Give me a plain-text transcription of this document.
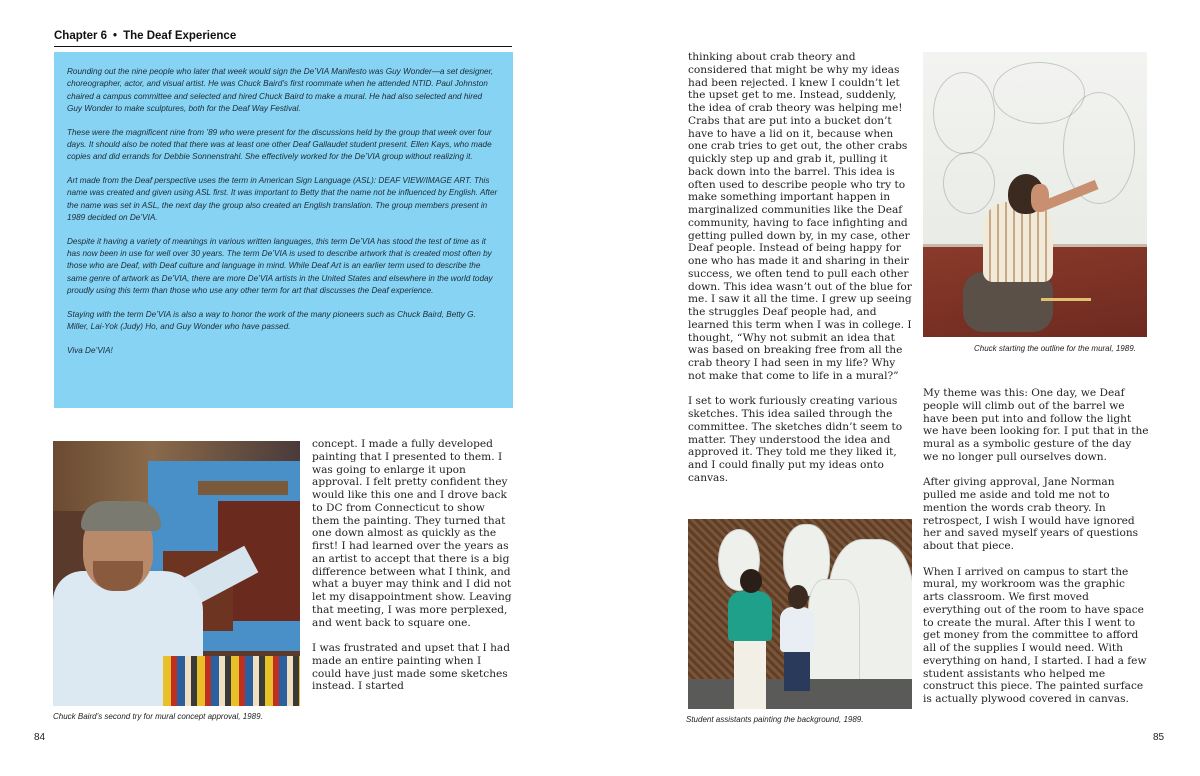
Chapter 6 • The Deaf Experience

Rounding out the nine people who later that week would sign the De’VIA Manifesto was Guy Wonder—a set designer, choreographer, actor, and visual artist. He was Chuck Baird’s first roommate when he attended NTID. Paul Johnston chaired a campus committee and selected and hired Chuck Baird to make a mural. He had also selected and hired Guy Wonder to make sculptures, both for the Deaf Way Festival.

These were the magnificent nine from ’89 who were present for the discussions held by the group that week over four days. It should also be noted that there was at least one other Deaf Gallaudet student present. Ellen Kays, who made copies and did errands for Debbie Sonnenstrahl. She effectively worked for the De’VIA group without realizing it.

Art made from the Deaf perspective uses the term in American Sign Language (ASL): DEAF VIEW/IMAGE ART. This name was created and given using ASL first. It was important to Betty that the name not be influenced by English. After the name was set in ASL, the next day the group also created an English translation. The group members present in 1989 decided on De’VIA.

Despite it having a variety of meanings in various written languages, this term De’VIA has stood the test of time as it has now been in use for well over 30 years. The term De’VIA is used to describe artwork that is created most often by those who are Deaf, with Deaf culture and language in mind. While Deaf Art is an earlier term used to describe the same genre of artwork as De’VIA, there are more De’VIA artists in the United States and elsewhere in the world today proudly using this term than those who use any other term for art that discusses the Deaf experience.

Staying with the term De’VIA is also a way to honor the work of the many pioneers such as Chuck Baird, Betty G. Miller, Lai-Yok (Judy) Ho, and Guy Wonder who have passed.

Viva De’VIA!

Chuck Baird’s second try for mural concept approval, 1989.

concept. I made a fully developed painting that I presented to them. I was going to enlarge it upon approval. I felt pretty confident they would like this one and I drove back to DC from Connecticut to show them the painting. They turned that one down almost as quickly as the first! I had learned over the years as an artist to accept that there is a big difference between what I think, and what a buyer may think and I did not let my disappointment show. Leaving that meeting, I was more perplexed, and went back to square one.

I was frustrated and upset that I had made an entire painting when I could have just made some sketches instead. I started

84

thinking about crab theory and considered that might be why my ideas had been rejected. I knew I couldn’t let the upset get to me. Instead, suddenly, the idea of crab theory was helping me! Crabs that are put into a bucket don’t have to have a lid on it, because when one crab tries to get out, the other crabs quickly step up and grab it, pulling it back down into the barrel. This idea is often used to describe people who try to make something important happen in marginalized communities like the Deaf community, having to face infighting and getting pulled down by, in my case, other Deaf people. Instead of being happy for one who has made it and sharing in their success, we often tend to pull each other down. This idea wasn’t out of the blue for me. I saw it all the time. I grew up seeing the struggles Deaf people had, and learned this term when I was in college. I thought, “Why not submit an idea that was based on breaking free from all the crab theory I had seen in my life? Why not make that come to life in a mural?”

I set to work furiously creating various sketches. This idea sailed through the committee. The sketches didn’t seem to matter. They understood the idea and approved it. They told me they liked it, and I could finally put my ideas onto canvas.

Chuck starting the outline for the mural, 1989.

My theme was this: One day, we Deaf people will climb out of the barrel we have been put into and follow the light we have been looking for. I put that in the mural as a symbolic gesture of the day we no longer pull ourselves down.

After giving approval, Jane Norman pulled me aside and told me not to mention the words crab theory. In retrospect, I wish I would have ignored her and saved myself years of questions about that piece.

When I arrived on campus to start the mural, my workroom was the graphic arts classroom. We first moved everything out of the room to have space to create the mural. After this I went to get money from the committee to afford all of the supplies I would need. With everything on hand, I started. I had a few student assistants who helped me construct this piece. The painted surface is actually plywood covered in canvas.

Student assistants painting the background, 1989.
85
